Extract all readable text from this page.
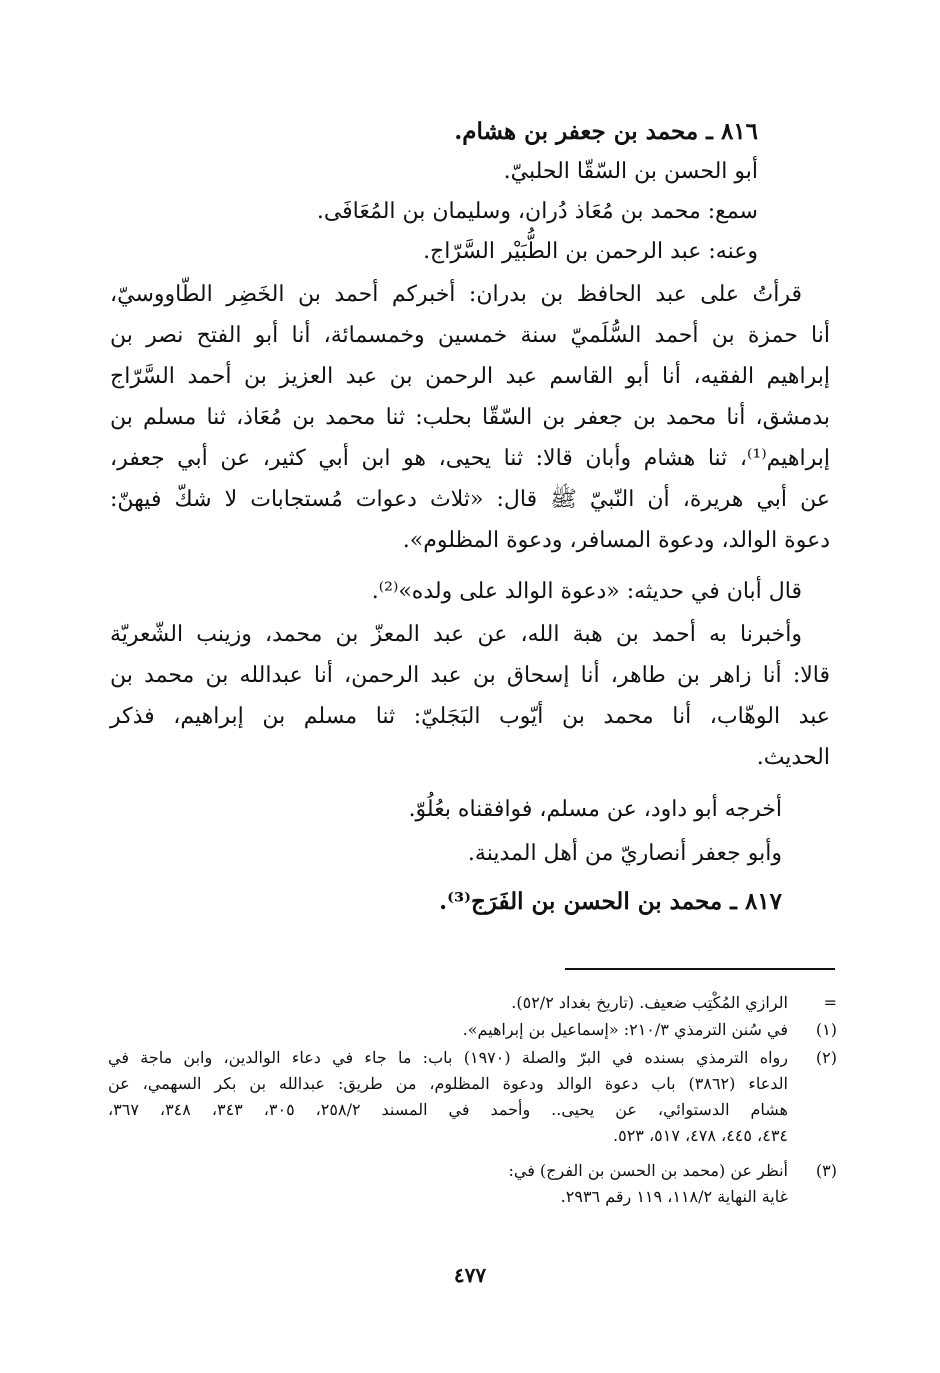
٨١٦ ـ محمد بن جعفر بن هشام.
أبو الحسن بن السّقّا الحلبيّ.
سمع: محمد بن مُعَاذ دُران، وسليمان بن المُعَافَى.
وعنه: عبد الرحمن بن الطُّبَيْر السَّرّاج.
قرأتُ على عبد الحافظ بن بدران: أخبركم أحمد بن الخَضِر الطّاووسيّ،
أنا حمزة بن أحمد السُّلَميّ سنة خمسين وخمسمائة، أنا أبو الفتح نصر بن
إبراهيم الفقيه، أنا أبو القاسم عبد الرحمن بن عبد العزيز بن أحمد السَّرّاج
بدمشق، أنا محمد بن جعفر بن السّقّا بحلب: ثنا محمد بن مُعَاذ، ثنا مسلم بن
إبراهيم⁽¹⁾، ثنا هشام وأبان قالا: ثنا يحيى، هو ابن أبي كثير، عن أبي جعفر،
عن أبي هريرة، أن النّبيّ ﷺ قال: «ثلاث دعوات مُستجابات لا شكّ فيهنّ:
دعوة الوالد، ودعوة المسافر، ودعوة المظلوم».
قال أبان في حديثه: «دعوة الوالد على ولده»⁽²⁾.
وأخبرنا به أحمد بن هبة الله، عن عبد المعزّ بن محمد، وزينب الشّعريّة
قالا: أنا زاهر بن طاهر، أنا إسحاق بن عبد الرحمن، أنا عبدالله بن محمد بن
عبد الوهّاب، أنا محمد بن أيّوب البَجَليّ: ثنا مسلم بن إبراهيم، فذكر
الحديث.
أخرجه أبو داود، عن مسلم، فوافقناه بعُلُوّ.
وأبو جعفر أنصاريّ من أهل المدينة.
٨١٧ ـ محمد بن الحسن بن الفَرَج⁽³⁾.
=
الرازي المُكْتِب ضعيف. (تاريخ بغداد ٥٢/٢).
(١)
في سُنن الترمذي ٢١٠/٣: «إسماعيل بن إبراهيم».
(٢)
رواه الترمذي بسنده في البرّ والصلة (١٩٧٠) باب: ما جاء في دعاء الوالدين، وابن ماجة في
الدعاء (٣٨٦٢) باب دعوة الوالد ودعوة المظلوم، من طريق: عبدالله بن بكر السهمي، عن
هشام الدستوائي، عن يحيى.. وأحمد في المسند ٢٥٨/٢، ٣٠٥، ٣٤٣، ٣٤٨، ٣٦٧،
٤٣٤، ٤٤٥، ٤٧٨، ٥١٧، ٥٢٣.
(٣)
أنظر عن (محمد بن الحسن بن الفرج) في:
غاية النهاية ١١٨/٢، ١١٩ رقم ٢٩٣٦.
٤٧٧
